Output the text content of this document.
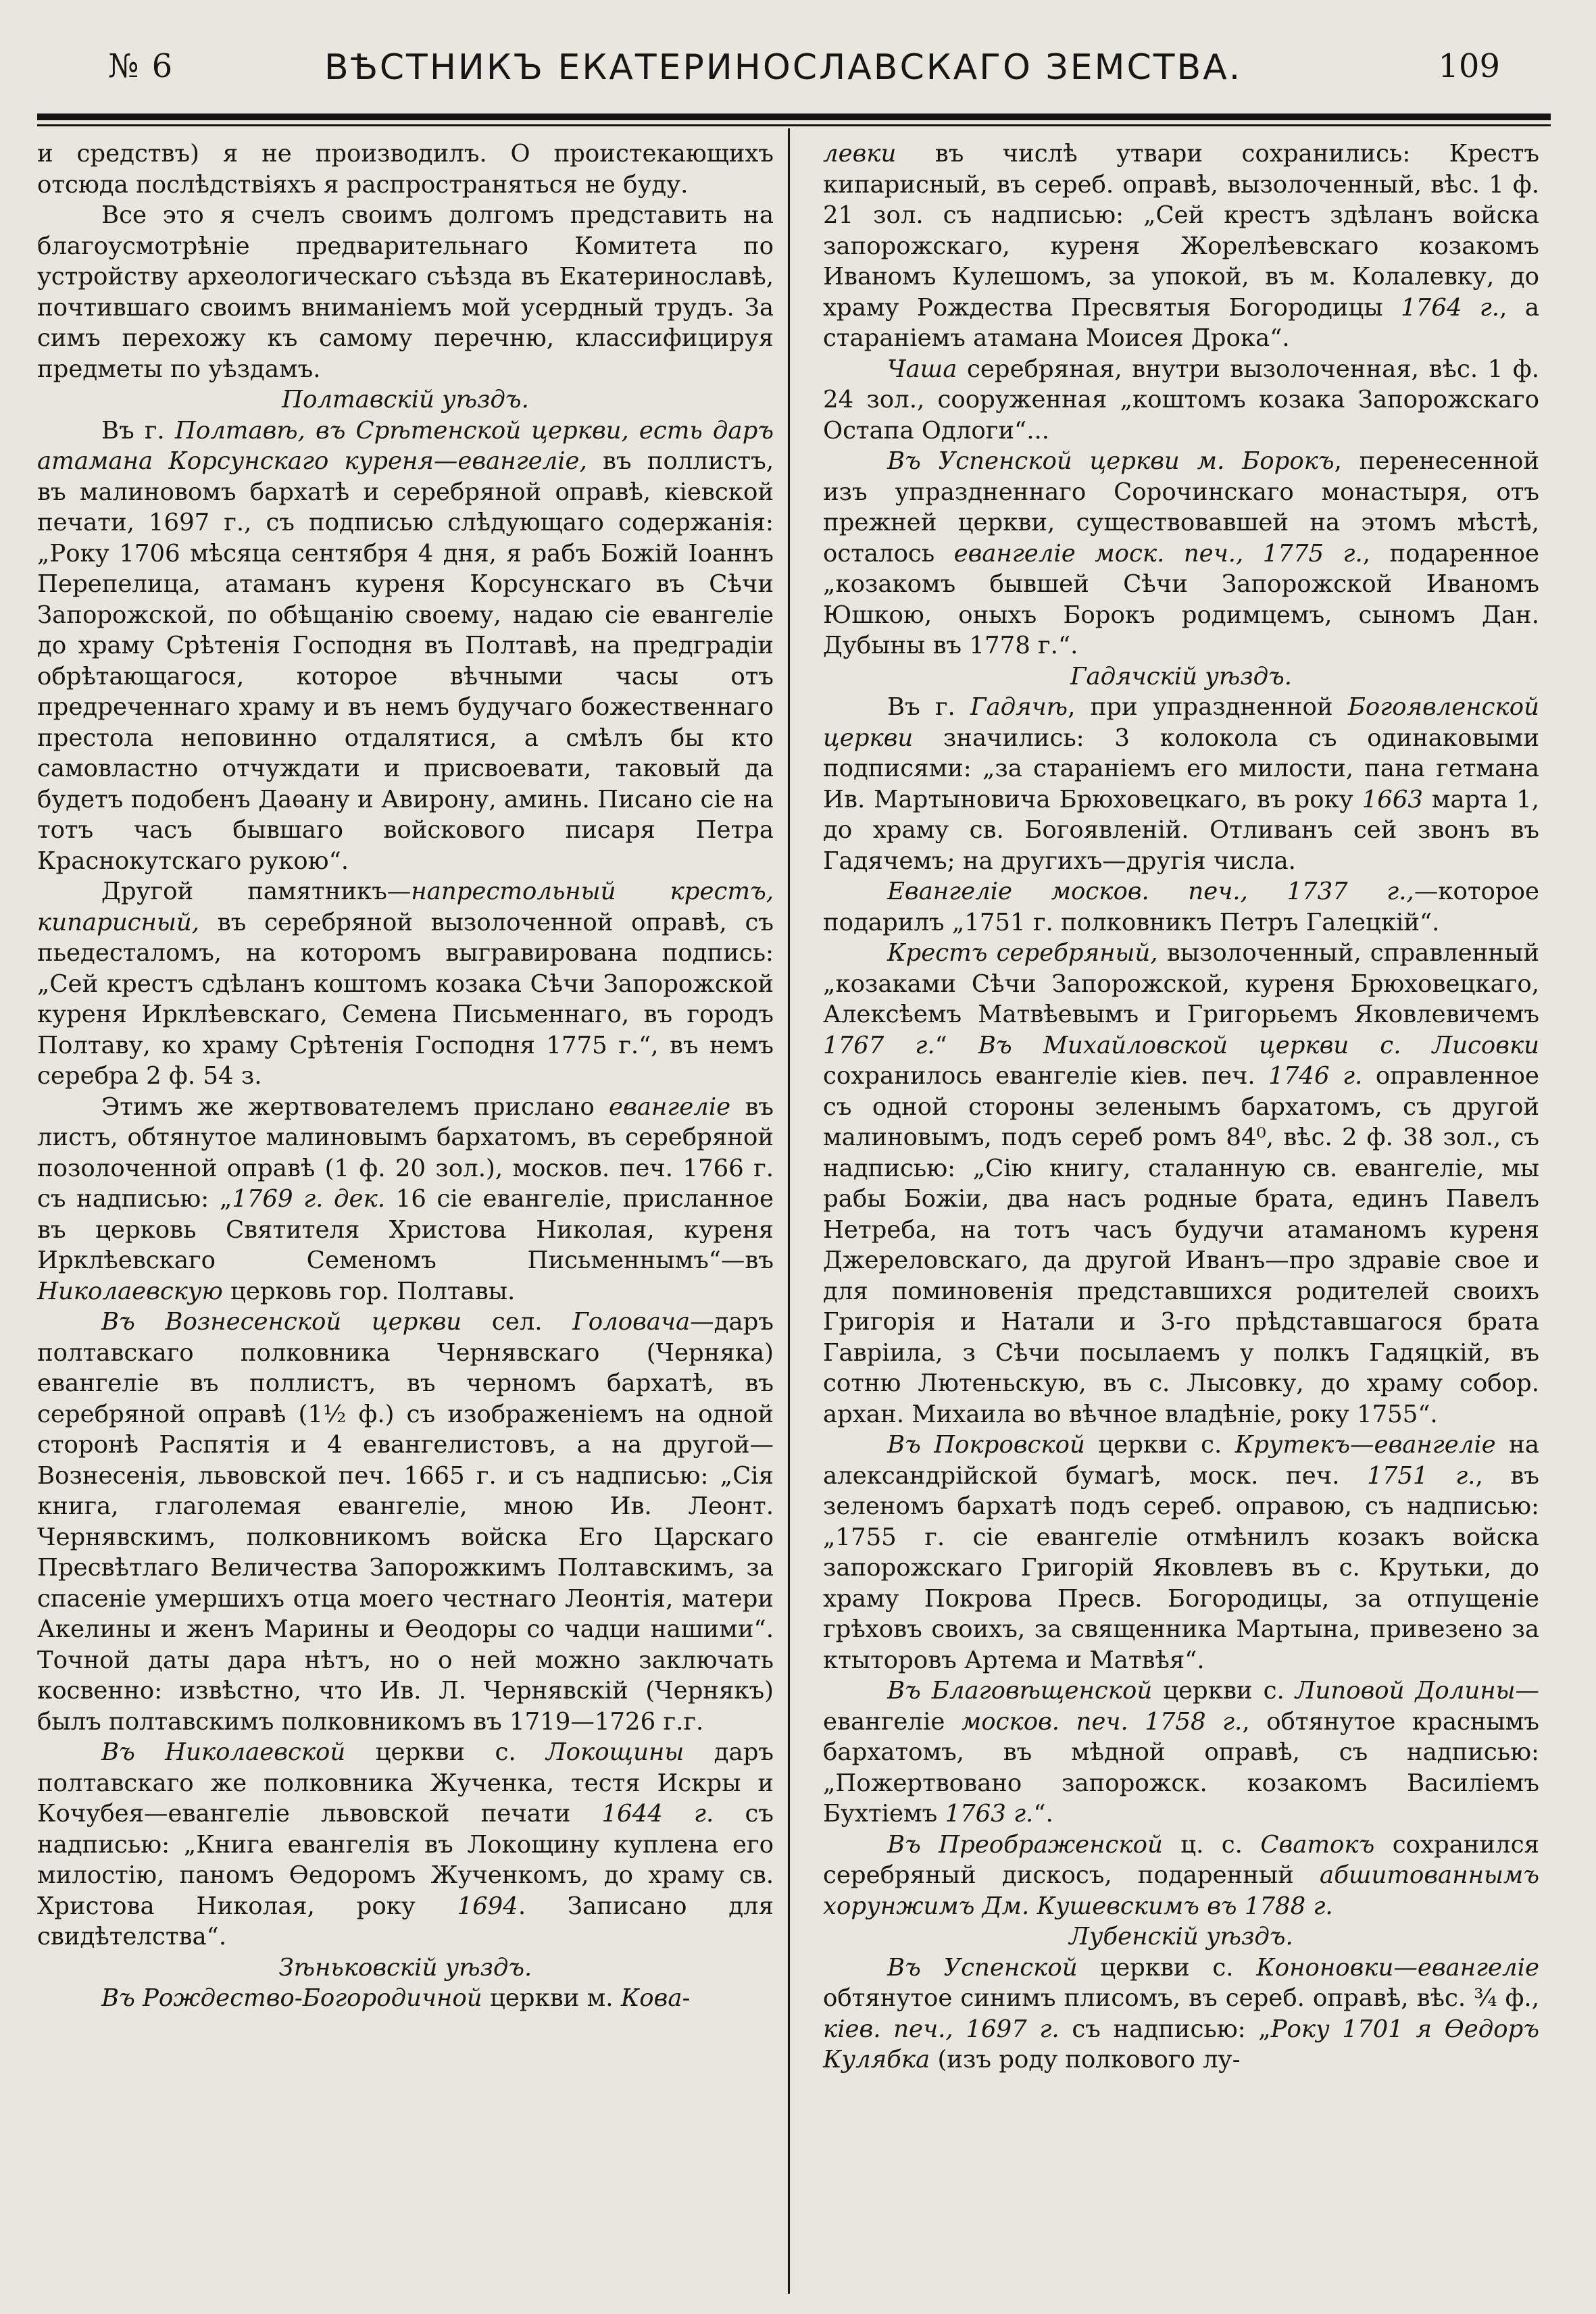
№ 6	ВѢСТНИКЪ ЕКАТЕРИНОСЛАВСКАГО ЗЕМСТВА.	109

и средствъ) я не производилъ. О проистекающихъ отсюда послѣдствіяхъ я распространяться не буду.

Все это я счелъ своимъ долгомъ представить на благоусмотрѣніе предварительнаго Комитета по устройству археологическаго съѣзда въ Екатеринославѣ, почтившаго своимъ вниманіемъ мой усердный трудъ. За симъ перехожу къ самому перечню, классифицируя предметы по уѣздамъ.

Полтавскій уѣздъ.

Въ г. Полтавѣ, въ Срѣтенской церкви, есть даръ атамана Корсунскаго куреня—евангеліе, въ поллистъ, въ малиновомъ бархатѣ и серебряной оправѣ, кіевской печати, 1697 г., съ подписью слѣдующаго содержанія: „Року 1706 мѣсяца сентября 4 дня, я рабъ Божій Іоаннъ Перепелица, атаманъ куреня Корсунскаго въ Сѣчи Запорожской, по обѣщанію своему, надаю сіе евангеліе до храму Срѣтенія Господня въ Полтавѣ, на предградіи обрѣтающагося, которое вѣчными часы отъ предреченнаго храму и въ немъ будучаго божественнаго престола неповинно отдалятися, а смѣлъ бы кто самовластно отчуждати и присвоевати, таковый да будетъ подобенъ Даѳану и Авирону, аминь. Писано сіе на тотъ часъ бывшаго войскового писаря Петра Краснокутскаго рукою“.

Другой памятникъ—напрестольный крестъ, кипарисный, въ серебряной вызолоченной оправѣ, съ пьедесталомъ, на которомъ выгравирована подпись: „Сей крестъ сдѣланъ коштомъ козака Сѣчи Запорожской куреня Ирклѣевскаго, Семена Письменнаго, въ городъ Полтаву, ко храму Срѣтенія Господня 1775 г.“, въ немъ серебра 2 ф. 54 з.

Этимъ же жертвователемъ прислано евангеліе въ листъ, обтянутое малиновымъ бархатомъ, въ серебряной позолоченной оправѣ (1 ф. 20 зол.), москов. печ. 1766 г. съ надписью: „1769 г. дек. 16 сіе евангеліе, присланное въ церковь Святителя Христова Николая, куреня Ирклѣевскаго Семеномъ Письменнымъ“—въ Николаевскую церковь гор. Полтавы.

Въ Вознесенской церкви сел. Головача—даръ полтавскаго полковника Чернявскаго (Черняка) евангеліе въ поллистъ, въ черномъ бархатѣ, въ серебряной оправѣ (1½ ф.) съ изображеніемъ на одной сторонѣ Распятія и 4 евангелистовъ, а на другой—Вознесенія, львовской печ. 1665 г. и съ надписью: „Сія книга, глаголемая евангеліе, мною Ив. Леонт. Чернявскимъ, полковникомъ войска Его Царскаго Пресвѣтлаго Величества Запорожкимъ Полтавскимъ, за спасеніе умершихъ отца моего честнаго Леонтія, матери Акелины и женъ Марины и Ѳеодоры со чадци нашими“. Точной даты дара нѣтъ, но о ней можно заключать косвенно: извѣстно, что Ив. Л. Чернявскій (Чернякъ) былъ полтавскимъ полковникомъ въ 1719—1726 г.г.

Въ Николаевской церкви с. Локощины даръ полтавскаго же полковника Жученка, тестя Искры и Кочубея—евангеліе львовской печати 1644 г. съ надписью: „Книга евангелія въ Локощину куплена его милостію, паномъ Ѳедоромъ Жученкомъ, до храму св. Христова Николая, року 1694. Записано для свидѣтелства“.

Зѣньковскій уѣздъ.

Въ Рождество-Богородичной церкви м. Кова-

левки въ числѣ утвари сохранились: Крестъ кипарисный, въ сереб. оправѣ, вызолоченный, вѣс. 1 ф. 21 зол. съ надписью: „Сей крестъ здѣланъ войска запорожскаго, куреня Жорелѣевскаго козакомъ Иваномъ Кулешомъ, за упокой, въ м. Колалевку, до храму Рождества Пресвятыя Богородицы 1764 г., а стараніемъ атамана Моисея Дрока“.

Чаша серебряная, внутри вызолоченная, вѣс. 1 ф. 24 зол., сооруженная „коштомъ козака Запорожскаго Остапа Одлоги“...

Въ Успенской церкви м. Борокъ, перенесенной изъ упраздненнаго Сорочинскаго монастыря, отъ прежней церкви, существовавшей на этомъ мѣстѣ, осталось евангеліе моск. печ., 1775 г., подаренное „козакомъ бывшей Сѣчи Запорожской Иваномъ Юшкою, оныхъ Борокъ родимцемъ, сыномъ Дан. Дубыны въ 1778 г.“.

Гадячскій уѣздъ.

Въ г. Гадячѣ, при упраздненной Богоявленской церкви значились: 3 колокола съ одинаковыми подписями: „за стараніемъ его милости, пана гетмана Ив. Мартыновича Брюховецкаго, въ року 1663 марта 1, до храму св. Богоявленій. Отливанъ сей звонъ въ Гадячемъ; на другихъ—другія числа.

Евангеліе москов. печ., 1737 г.,—которое подарилъ „1751 г. полковникъ Петръ Галецкій“.

Крестъ серебряный, вызолоченный, справленный „козаками Сѣчи Запорожской, куреня Брюховецкаго, Алексѣемъ Матвѣевымъ и Григорьемъ Яковлевичемъ 1767 г.“ Въ Михайловской церкви с. Лисовки сохранилось евангеліе кіев. печ. 1746 г. оправленное съ одной стороны зеленымъ бархатомъ, съ другой малиновымъ, подъ сереб ромъ 84⁰, вѣс. 2 ф. 38 зол., съ надписью: „Сію книгу, сталанную св. евангеліе, мы рабы Божіи, два насъ родные брата, единъ Павелъ Нетреба, на тотъ часъ будучи атаманомъ куреня Джереловскаго, да другой Иванъ—про здравіе свое и для поминовенія представшихся родителей своихъ Григорія и Натали и 3-го прѣдставшагося брата Гавріила, з Сѣчи посылаемъ у полкъ Гадяцкій, въ сотню Лютеньскую, въ с. Лысовку, до храму собор. архан. Михаила во вѣчное владѣніе, року 1755“.

Въ Покровской церкви с. Крутекъ—евангеліе на александрійской бумагѣ, моск. печ. 1751 г., въ зеленомъ бархатѣ подъ сереб. оправою, съ надписью: „1755 г. сіе евангеліе отмѣнилъ козакъ войска запорожскаго Григорій Яковлевъ въ с. Крутьки, до храму Покрова Пресв. Богородицы, за отпущеніе грѣховъ своихъ, за священника Мартына, привезено за ктыторовъ Артема и Матвѣя“.

Въ Благовѣщенской церкви с. Липовой Долины—евангеліе москов. печ. 1758 г., обтянутое краснымъ бархатомъ, въ мѣдной оправѣ, съ надписью: „Пожертвовано запорожск. козакомъ Василіемъ Бухтіемъ 1763 г.“.

Въ Преображенской ц. с. Сватокъ сохранился серебряный дискосъ, подаренный абшитованнымъ хорунжимъ Дм. Кушевскимъ въ 1788 г.

Лубенскій уѣздъ.

Въ Успенской церкви с. Кононовки—евангеліе обтянутое синимъ плисомъ, въ сереб. оправѣ, вѣс. ¾ ф., кіев. печ., 1697 г. съ надписью: „Року 1701 я Ѳедоръ Кулябка (изъ роду полкового лу-
